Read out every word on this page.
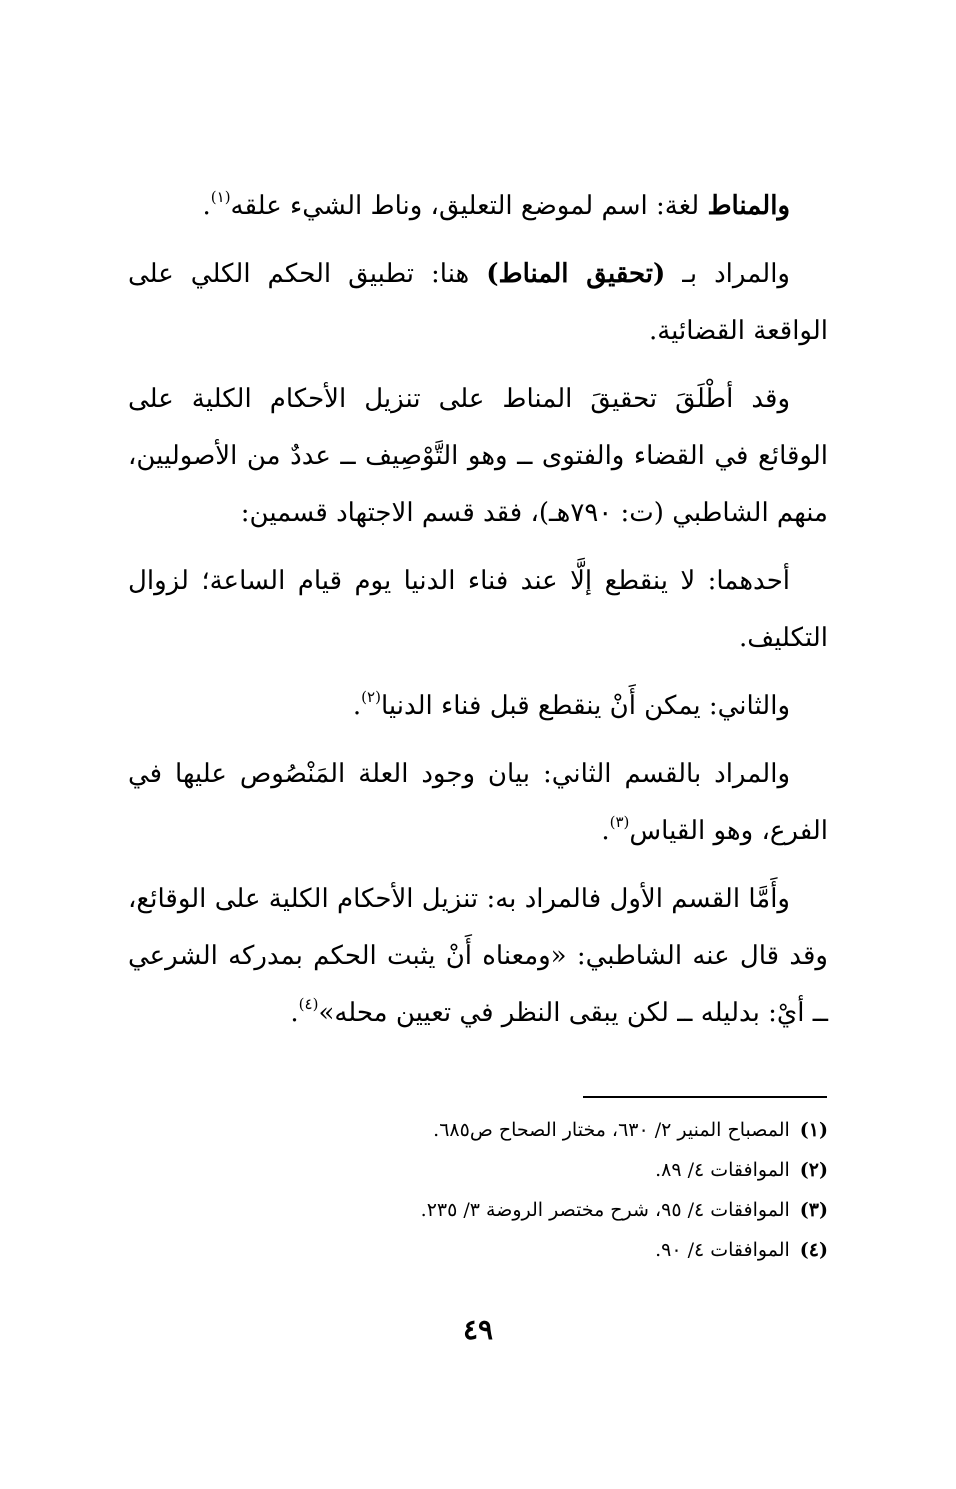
والمناط لغة: اسم لموضع التعليق، وناط الشيء علقه$^{(١)}$.

والمراد بـ (تحقيق المناط) هنا: تطبيق الحكم الكلي على الواقعة القضائية.

وقد أطْلَقَ تحقيقَ المناط على تنزيل الأحكام الكلية على الوقائع في القضاء والفتوى ــ وهو التَّوْصِيف ــ عددٌ من الأصوليين، منهم الشاطبي (ت: ٧٩٠هـ)، فقد قسم الاجتهاد قسمين:

أحدهما: لا ينقطع إلَّا عند فناء الدنيا يوم قيام الساعة؛ لزوال التكليف.

والثاني: يمكن أَنْ ينقطع قبل فناء الدنيا$^{(٢)}$.

والمراد بالقسم الثاني: بيان وجود العلة المَنْصُوص عليها في الفرع، وهو القياس$^{(٣)}$.

وأَمَّا القسم الأول فالمراد به: تنزيل الأحكام الكلية على الوقائع، وقد قال عنه الشاطبي: «ومعناه أَنْ يثبت الحكم بمدركه الشرعي ــ أيْ: بدليله ــ لكن يبقى النظر في تعيين محله»$^{(٤)}$.

(١)المصباح المنير ٢/ ٦٣٠، مختار الصحاح ص٦٨٥.

(٢)الموافقات ٤/ ٨٩.

(٣)الموافقات ٤/ ٩٥، شرح مختصر الروضة ٣/ ٢٣٥.

(٤)الموافقات ٤/ ٩٠.

٤٩
